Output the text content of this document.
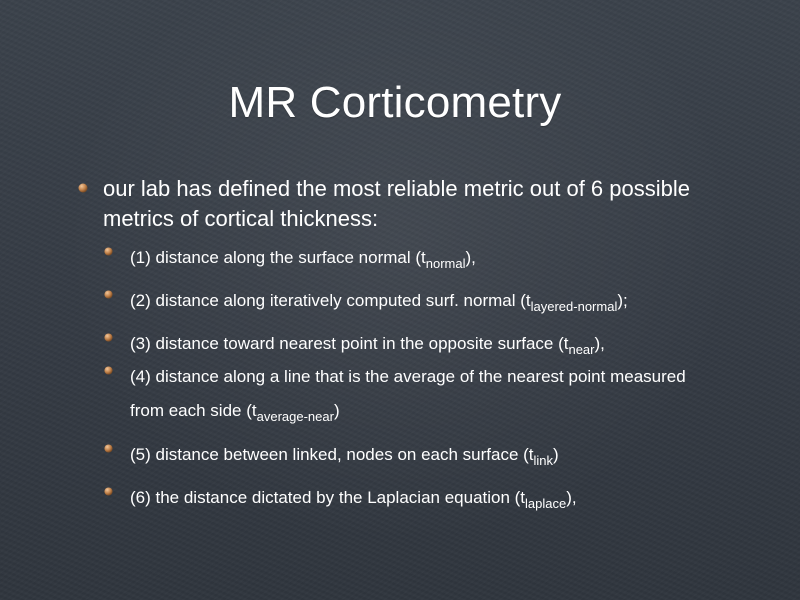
MR Corticometry
our lab has defined the most reliable metric out of 6 possible metrics of cortical thickness:
(1) distance along the surface normal $(t_{normal})$,
(2) distance along iteratively computed surf. normal $(t_{layered-normal})$;
(3) distance toward nearest point in the opposite surface $(t_{near})$,
(4) distance along a line that is the average of the nearest point measured from each side $(t_{average-near})$
(5) distance between linked, nodes on each surface $(t_{link})$
(6) the distance dictated by the Laplacian equation $(t_{laplace})$,
